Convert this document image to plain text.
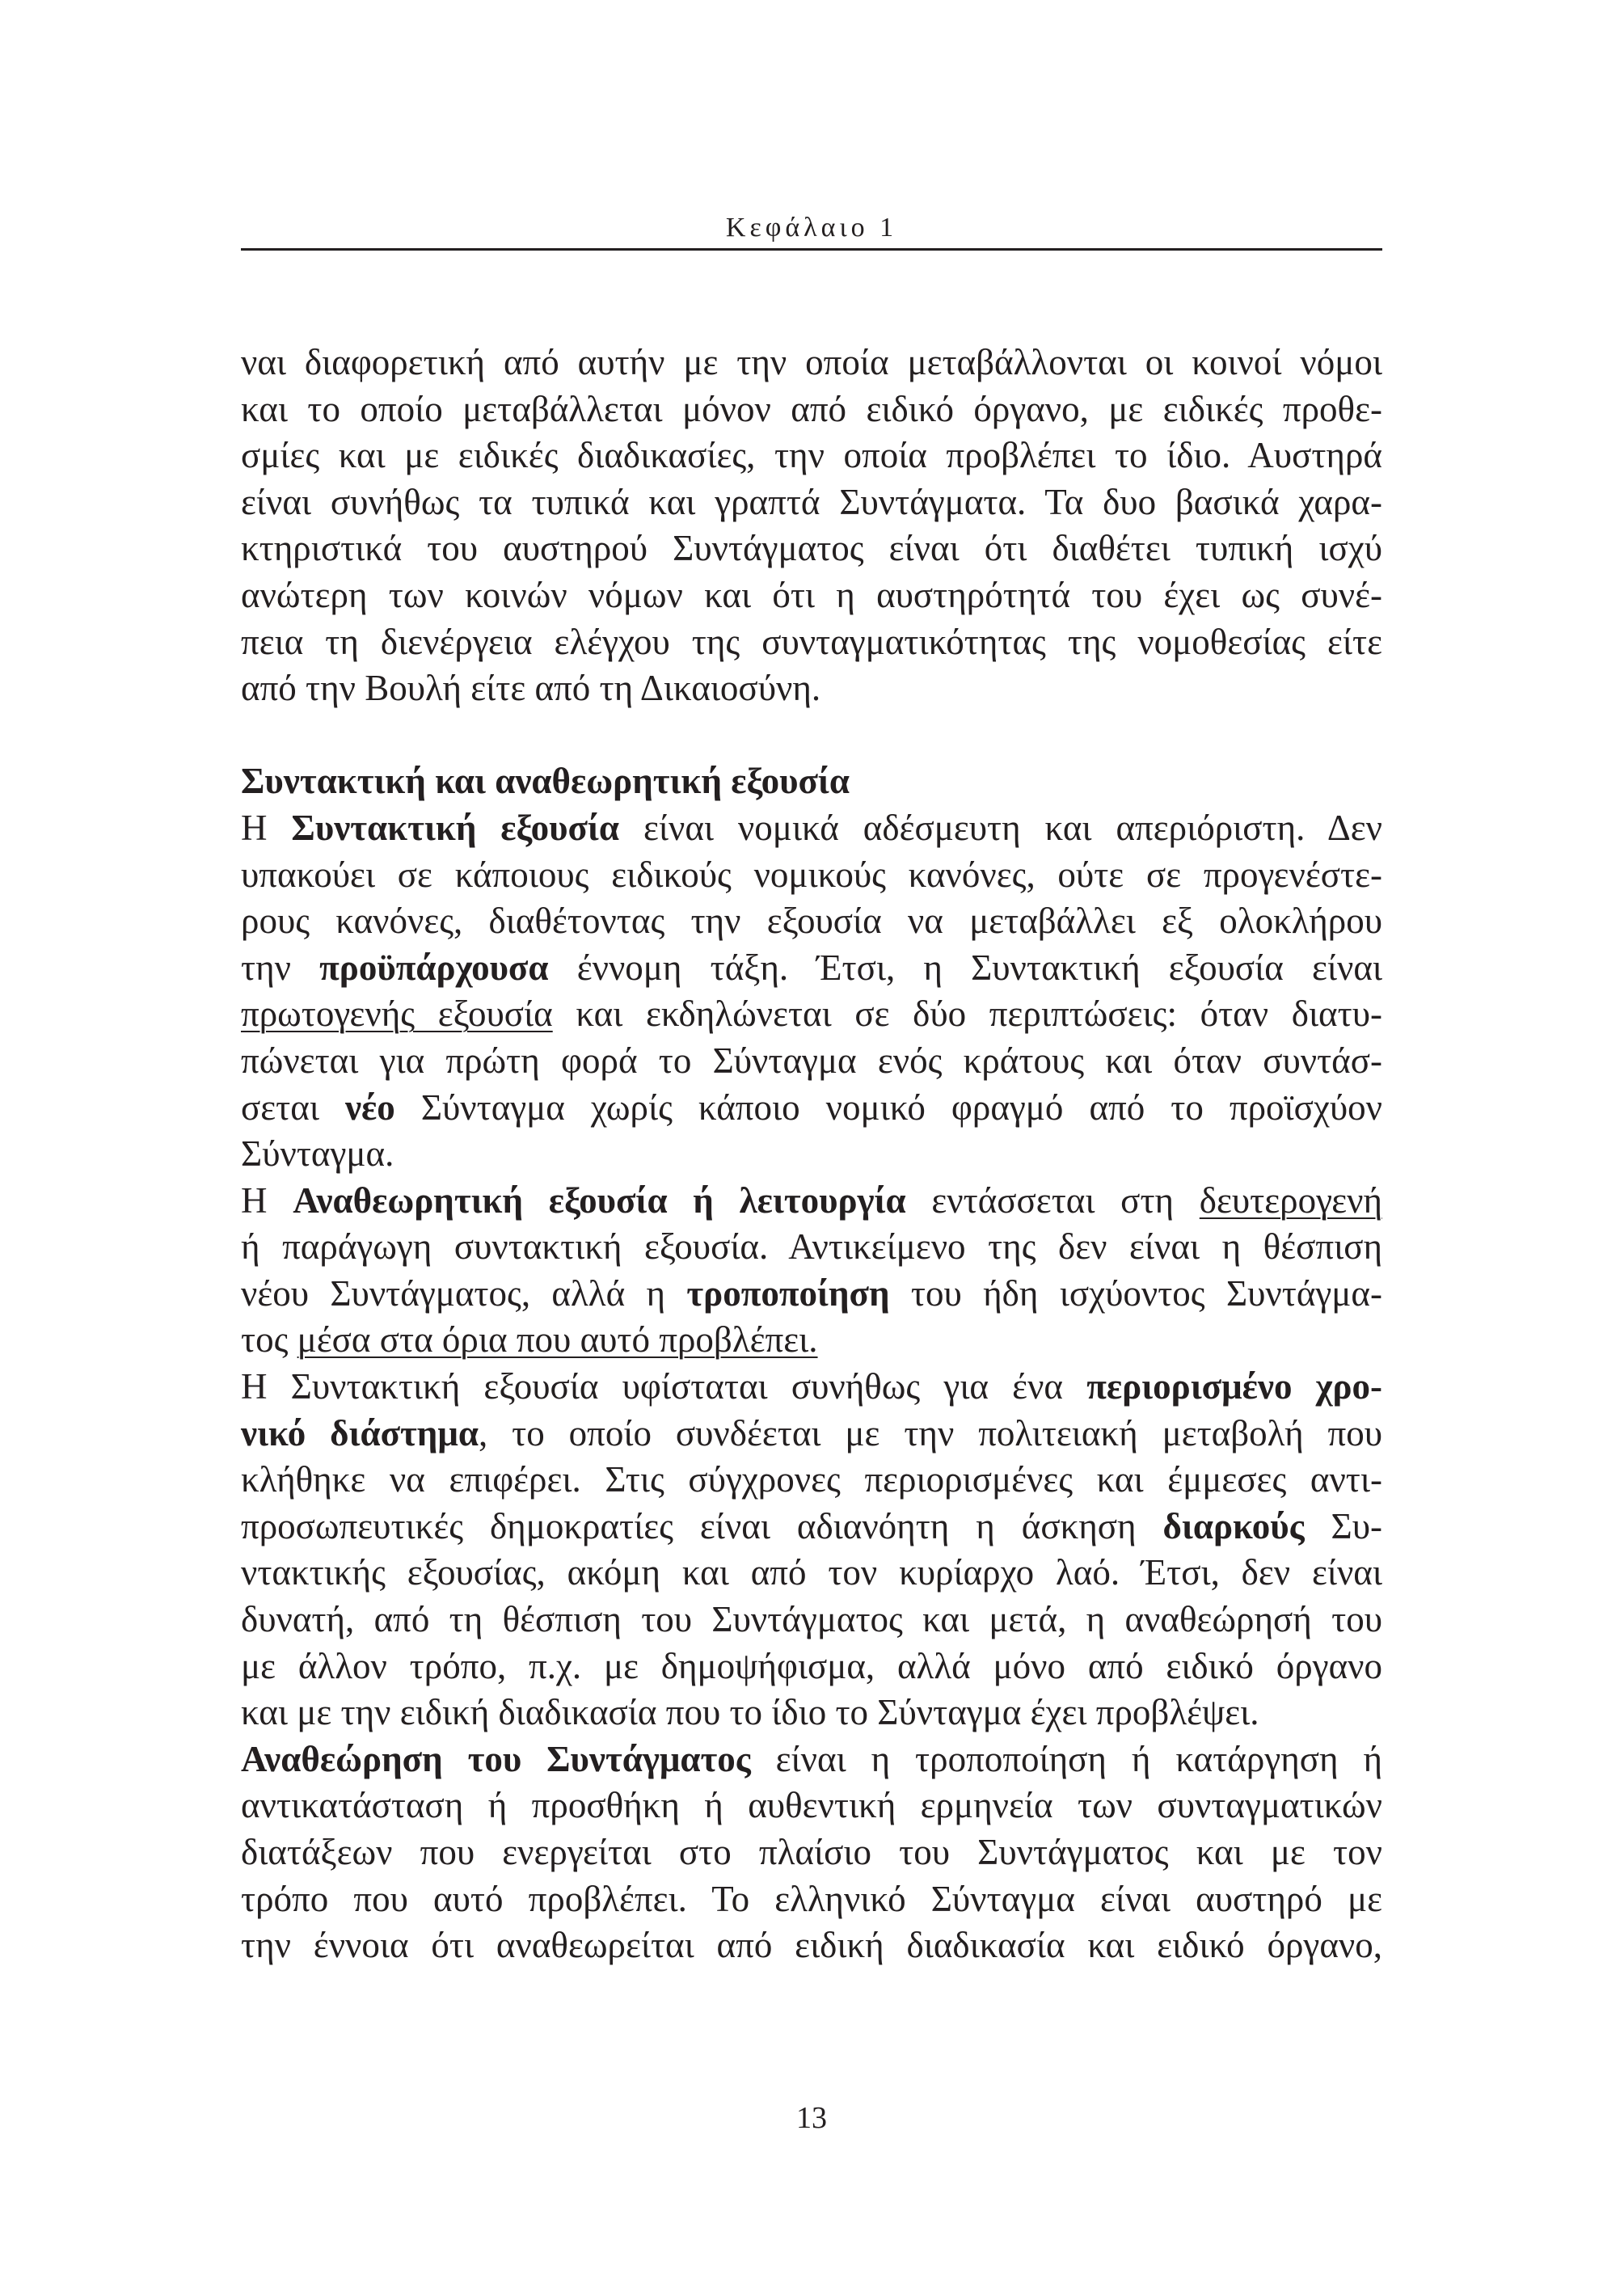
Κεφάλαιο 1
ναι διαφορετική από αυτήν με την οποία μεταβάλλονται οι κοινοί νόμοι
και το οποίο μεταβάλλεται μόνον από ειδικό όργανο, με ειδικές προθε-
σμίες και με ειδικές διαδικασίες, την οποία προβλέπει το ίδιο. Αυστηρά
είναι συνήθως τα τυπικά και γραπτά Συντάγματα. Τα δυο βασικά χαρα-
κτηριστικά του αυστηρού Συντάγματος είναι ότι διαθέτει τυπική ισχύ
ανώτερη των κοινών νόμων και ότι η αυστηρότητά του έχει ως συνέ-
πεια τη διενέργεια ελέγχου της συνταγματικότητας της νομοθεσίας είτε
από την Βουλή είτε από τη Δικαιοσύνη.
Συντακτική και αναθεωρητική εξουσία
Η Συντακτική εξουσία είναι νομικά αδέσμευτη και απεριόριστη. Δεν
υπακούει σε κάποιους ειδικούς νομικούς κανόνες, ούτε σε προγενέστε-
ρους κανόνες, διαθέτοντας την εξουσία να μεταβάλλει εξ ολοκλήρου
την προϋπάρχουσα έννομη τάξη. Έτσι, η Συντακτική εξουσία είναι
πρωτογενής εξουσία και εκδηλώνεται σε δύο περιπτώσεις: όταν διατυ-
πώνεται για πρώτη φορά το Σύνταγμα ενός κράτους και όταν συντάσ-
σεται νέο Σύνταγμα χωρίς κάποιο νομικό φραγμό από το προϊσχύον
Σύνταγμα.
Η Αναθεωρητική εξουσία ή λειτουργία εντάσσεται στη δευτερογενή
ή παράγωγη συντακτική εξουσία. Αντικείμενο της δεν είναι η θέσπιση
νέου Συντάγματος, αλλά η τροποποίηση του ήδη ισχύοντος Συντάγμα-
τος μέσα στα όρια που αυτό προβλέπει.
Η Συντακτική εξουσία υφίσταται συνήθως για ένα περιορισμένο χρο-
νικό διάστημα, το οποίο συνδέεται με την πολιτειακή μεταβολή που
κλήθηκε να επιφέρει. Στις σύγχρονες περιορισμένες και έμμεσες αντι-
προσωπευτικές δημοκρατίες είναι αδιανόητη η άσκηση διαρκούς Συ-
ντακτικής εξουσίας, ακόμη και από τον κυρίαρχο λαό. Έτσι, δεν είναι
δυνατή, από τη θέσπιση του Συντάγματος και μετά, η αναθεώρησή του
με άλλον τρόπο, π.χ. με δημοψήφισμα, αλλά μόνο από ειδικό όργανο
και με την ειδική διαδικασία που το ίδιο το Σύνταγμα έχει προβλέψει.
Αναθεώρηση του Συντάγματος είναι η τροποποίηση ή κατάργηση ή
αντικατάσταση ή προσθήκη ή αυθεντική ερμηνεία των συνταγματικών
διατάξεων που ενεργείται στο πλαίσιο του Συντάγματος και με τον
τρόπο που αυτό προβλέπει. Το ελληνικό Σύνταγμα είναι αυστηρό με
την έννοια ότι αναθεωρείται από ειδική διαδικασία και ειδικό όργανο,
13
